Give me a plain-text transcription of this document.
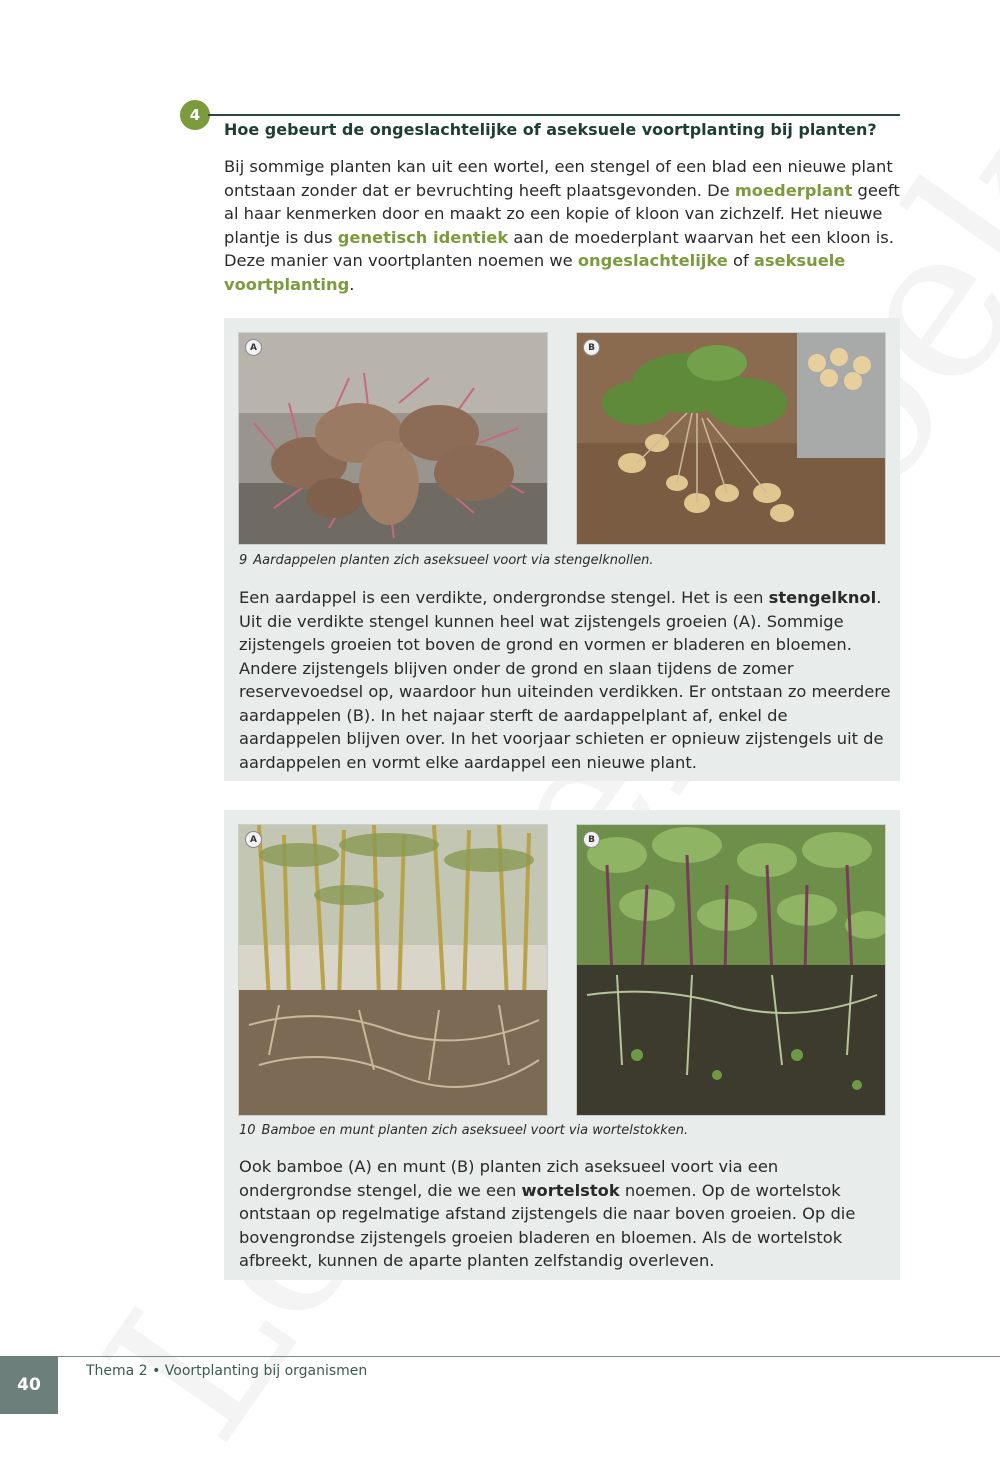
4
Hoe gebeurt de ongeslachtelijke of aseksuele voortplanting bij planten?

Bij sommige planten kan uit een wortel, een stengel of een blad een nieuwe plant ontstaan zonder dat er bevruchting heeft plaatsgevonden. De moederplant geeft al haar kenmerken door en maakt zo een kopie of kloon van zichzelf. Het nieuwe plantje is dus genetisch identiek aan de moederplant waarvan het een kloon is.
Deze manier van voortplanten noemen we ongeslachtelijke of aseksuele voortplanting.

A	B

9 Aardappelen planten zich aseksueel voort via stengelknollen.

Een aardappel is een verdikte, ondergrondse stengel. Het is een stengelknol. Uit die verdikte stengel kunnen heel wat zijstengels groeien (A). Sommige zijstengels groeien tot boven de grond en vormen er bladeren en bloemen. Andere zijstengels blijven onder de grond en slaan tijdens de zomer reservevoedsel op, waardoor hun uiteinden verdikken. Er ontstaan zo meerdere aardappelen (B). In het najaar sterft de aardappelplant af, enkel de aardappelen blijven over. In het voorjaar schieten er opnieuw zijstengels uit de aardappelen en vormt elke aardappel een nieuwe plant.

A	B

10 Bamboe en munt planten zich aseksueel voort via wortelstokken.

Ook bamboe (A) en munt (B) planten zich aseksueel voort via een ondergrondse stengel, die we een wortelstok noemen. Op de wortelstok ontstaan op regelmatige afstand zijstengels die naar boven groeien. Op die bovengrondse zijstengels groeien bladeren en bloemen. Als de wortelstok afbreekt, kunnen de aparte planten zelfstandig overleven.

40
Thema 2 • Voortplanting bij organismen
